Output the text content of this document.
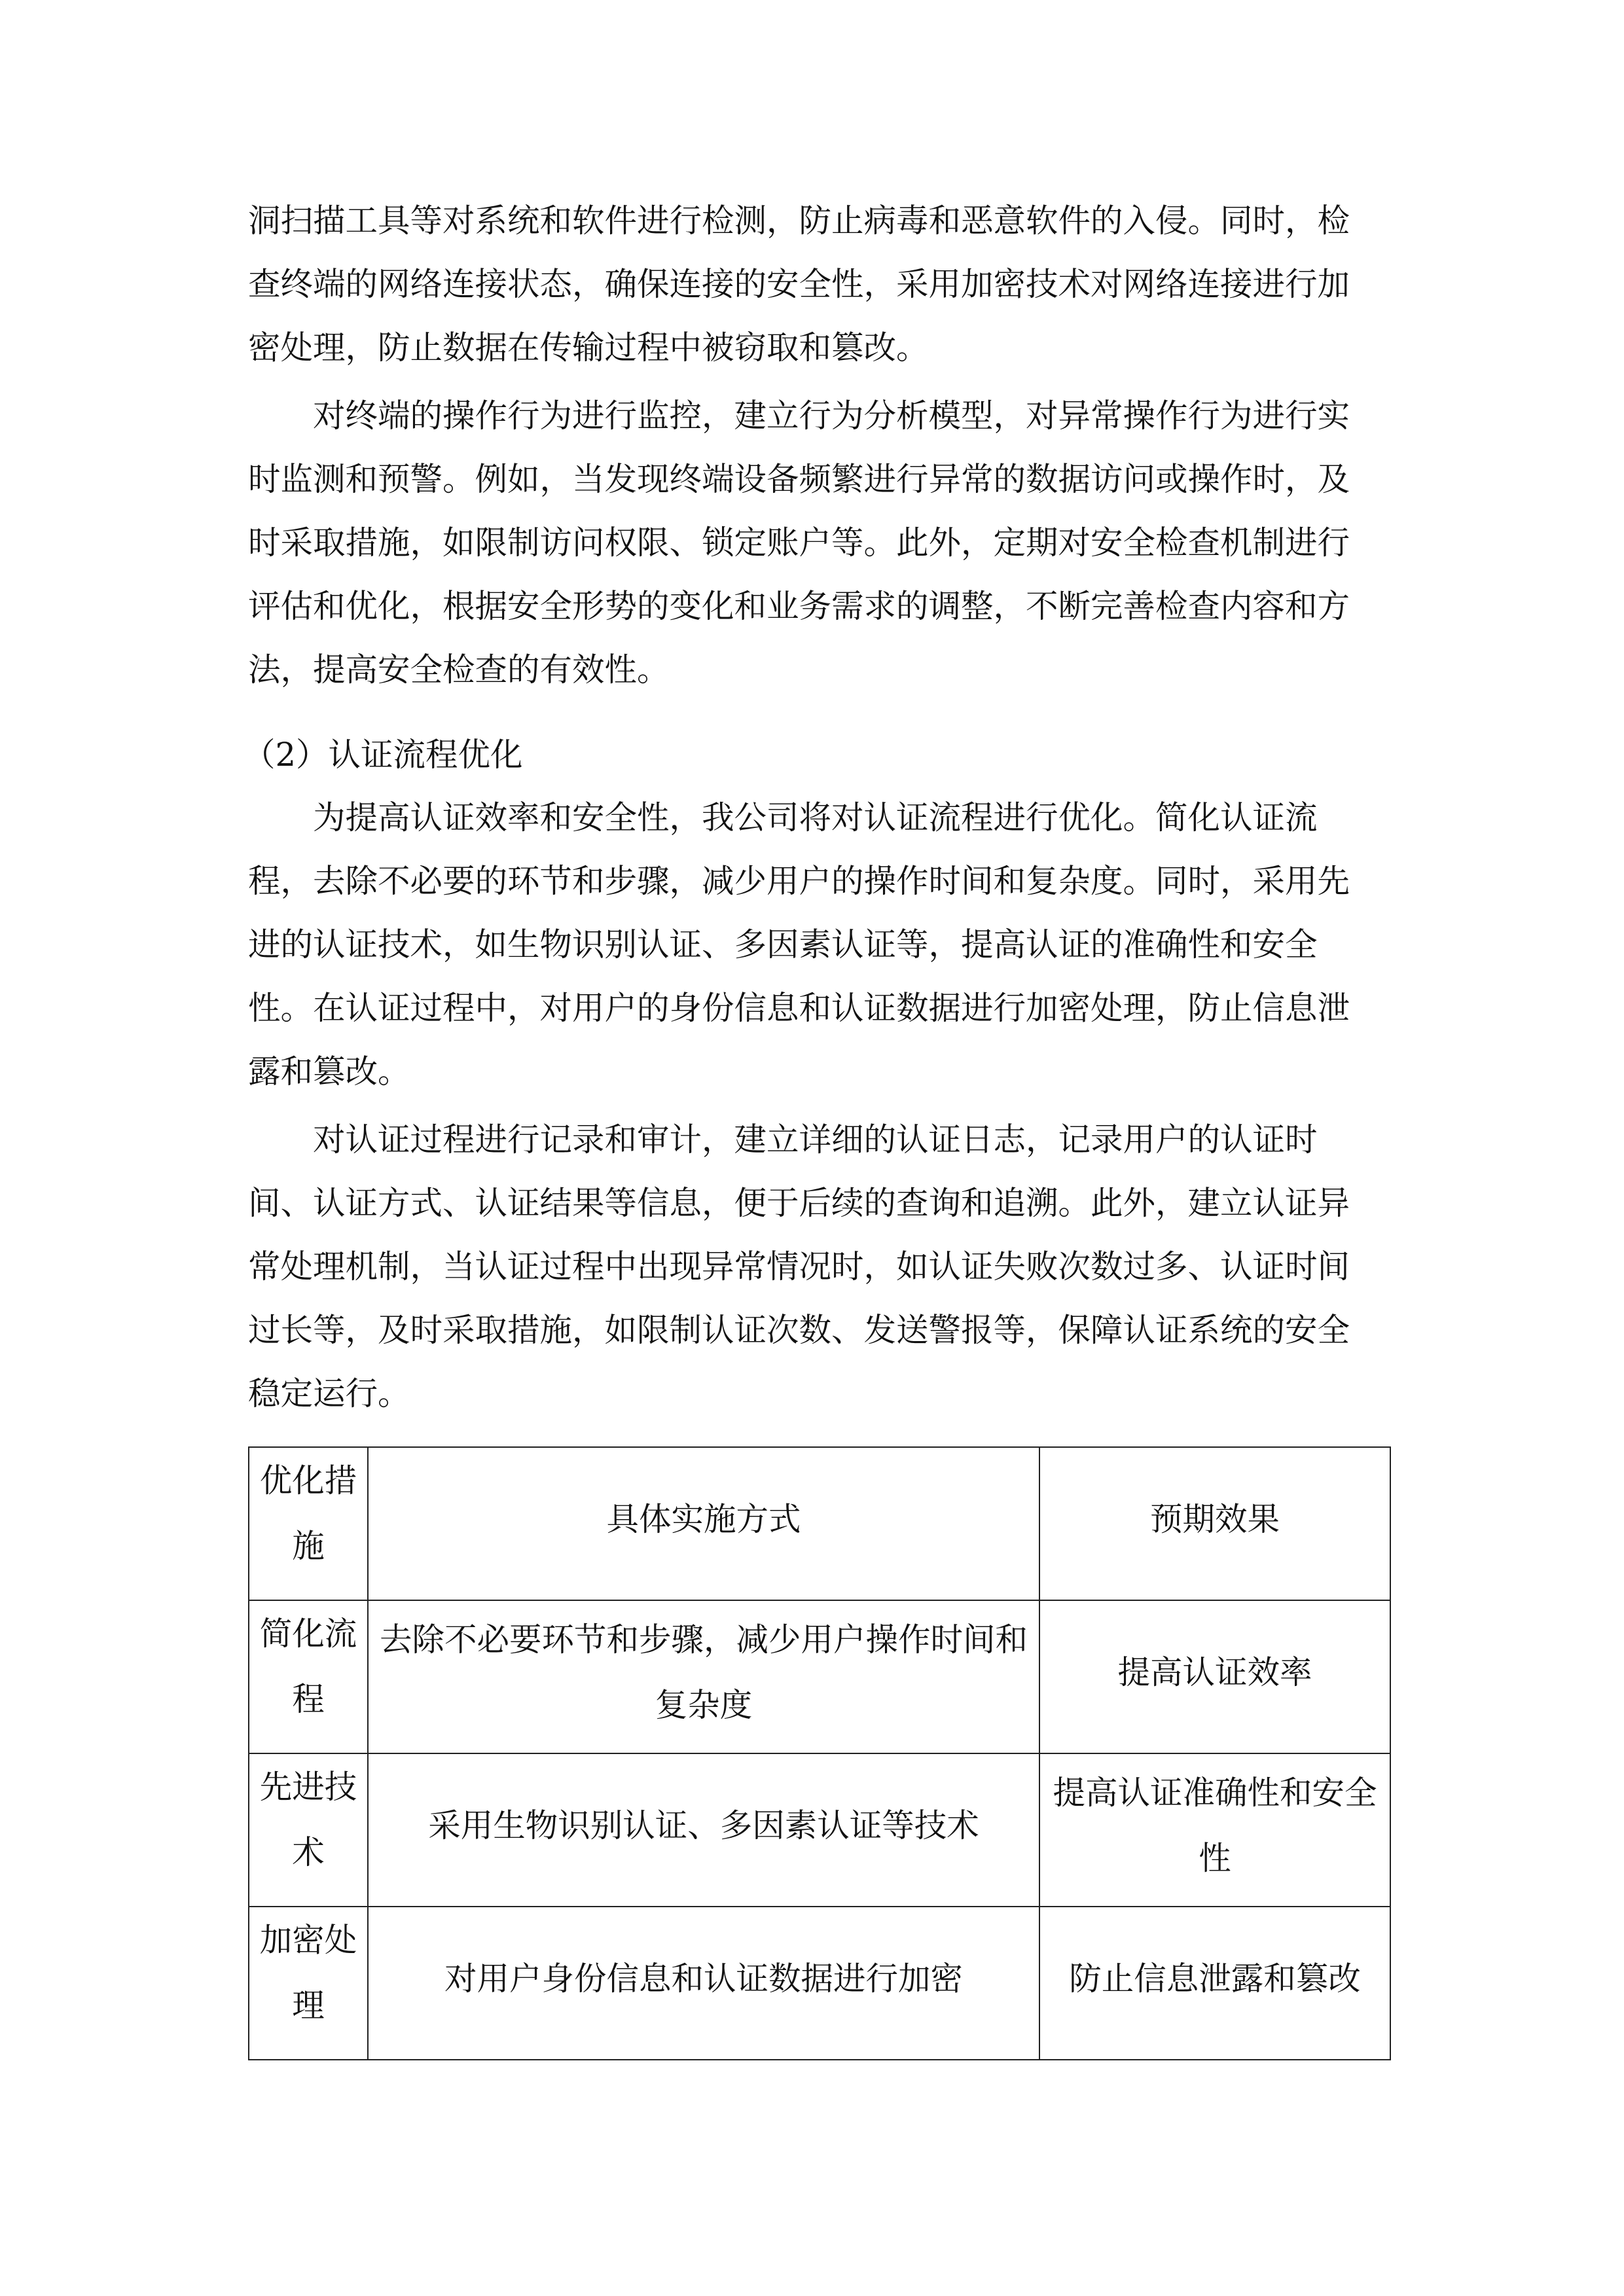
洞扫描工具等对系统和软件进行检测，防止病毒和恶意软件的入侵。同时，检
查终端的网络连接状态，确保连接的安全性，采用加密技术对网络连接进行加
密处理，防止数据在传输过程中被窃取和篡改。
对终端的操作行为进行监控，建立行为分析模型，对异常操作行为进行实
时监测和预警。例如，当发现终端设备频繁进行异常的数据访问或操作时，及
时采取措施，如限制访问权限、锁定账户等。此外，定期对安全检查机制进行
评估和优化，根据安全形势的变化和业务需求的调整，不断完善检查内容和方
法，提高安全检查的有效性。
（2）认证流程优化
为提高认证效率和安全性，我公司将对认证流程进行优化。简化认证流
程，去除不必要的环节和步骤，减少用户的操作时间和复杂度。同时，采用先
进的认证技术，如生物识别认证、多因素认证等，提高认证的准确性和安全
性。在认证过程中，对用户的身份信息和认证数据进行加密处理，防止信息泄
露和篡改。
对认证过程进行记录和审计，建立详细的认证日志，记录用户的认证时
间、认证方式、认证结果等信息，便于后续的查询和追溯。此外，建立认证异
常处理机制，当认证过程中出现异常情况时，如认证失败次数过多、认证时间
过长等，及时采取措施，如限制认证次数、发送警报等，保障认证系统的安全
稳定运行。
优化措施	具体实施方式	预期效果
简化流程	去除不必要环节和步骤，减少用户操作时间和复杂度	提高认证效率
先进技术	采用生物识别认证、多因素认证等技术	提高认证准确性和安全性
加密处理	对用户身份信息和认证数据进行加密	防止信息泄露和篡改
